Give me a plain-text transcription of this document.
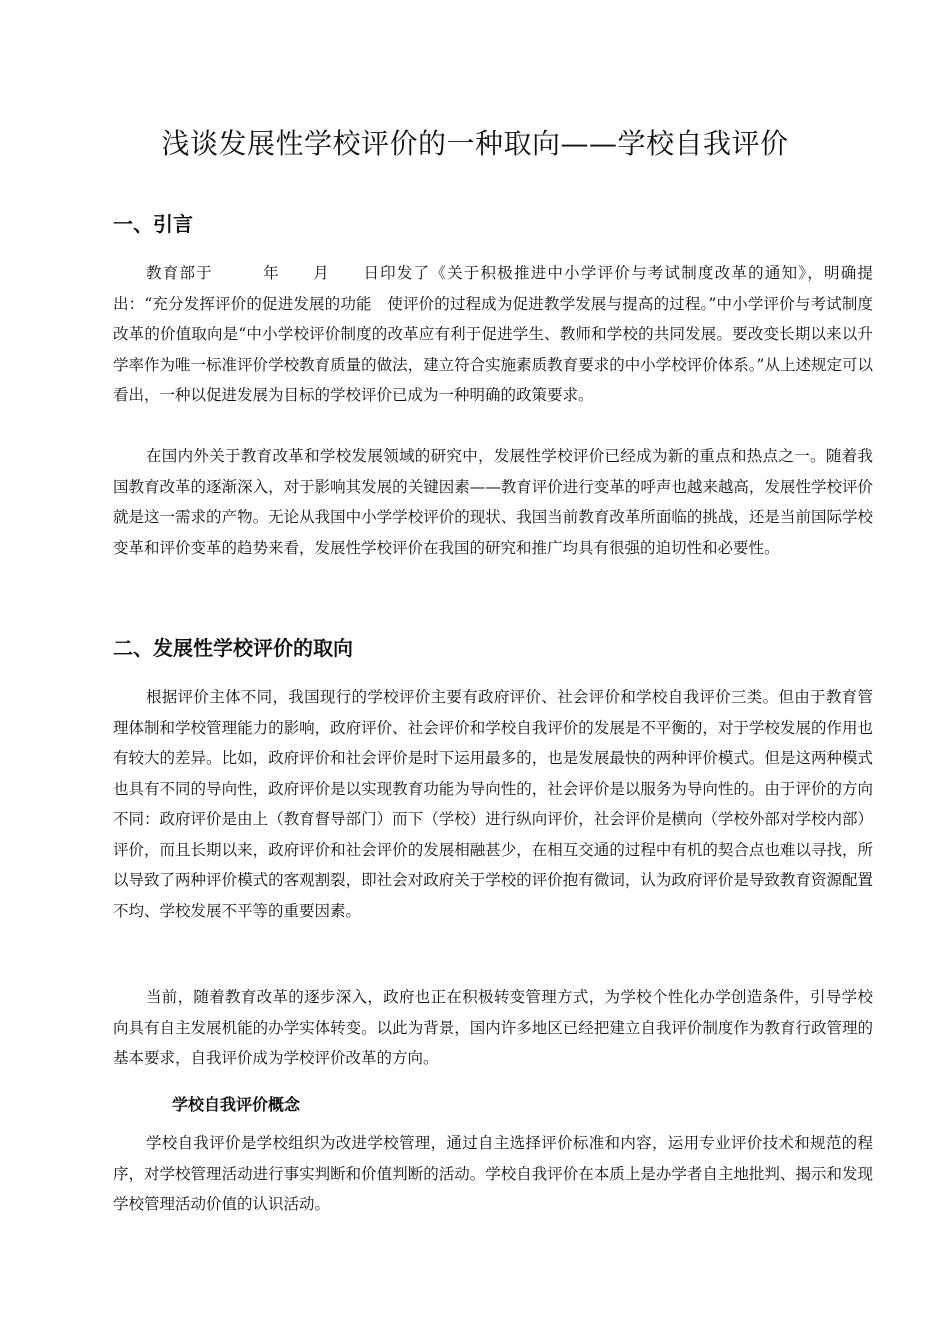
浅谈发展性学校评价的一种取向——学校自我评价
一、引言

教育部于　　　年　　月　　日印发了《关于积极推进中小学评价与考试制度改革的通知》，明确提出：“充分发挥评价的促进发展的功能　使评价的过程成为促进教学发展与提高的过程。”中小学评价与考试制度改革的价值取向是“中小学校评价制度的改革应有利于促进学生、教师和学校的共同发展。要改变长期以来以升学率作为唯一标准评价学校教育质量的做法，建立符合实施素质教育要求的中小学校评价体系。”从上述规定可以看出，一种以促进发展为目标的学校评价已成为一种明确的政策要求。

在国内外关于教育改革和学校发展领域的研究中，发展性学校评价已经成为新的重点和热点之一。随着我国教育改革的逐渐深入，对于影响其发展的关键因素——教育评价进行变革的呼声也越来越高，发展性学校评价就是这一需求的产物。无论从我国中小学学校评价的现状、我国当前教育改革所面临的挑战，还是当前国际学校变革和评价变革的趋势来看，发展性学校评价在我国的研究和推广均具有很强的迫切性和必要性。

二、发展性学校评价的取向

根据评价主体不同，我国现行的学校评价主要有政府评价、社会评价和学校自我评价三类。但由于教育管理体制和学校管理能力的影响，政府评价、社会评价和学校自我评价的发展是不平衡的，对于学校发展的作用也有较大的差异。比如，政府评价和社会评价是时下运用最多的，也是发展最快的两种评价模式。但是这两种模式也具有不同的导向性，政府评价是以实现教育功能为导向性的，社会评价是以服务为导向性的。由于评价的方向不同：政府评价是由上（教育督导部门）而下（学校）进行纵向评价，社会评价是横向（学校外部对学校内部）评价，而且长期以来，政府评价和社会评价的发展相融甚少，在相互交通的过程中有机的契合点也难以寻找，所以导致了两种评价模式的客观割裂，即社会对政府关于学校的评价抱有微词，认为政府评价是导致教育资源配置不均、学校发展不平等的重要因素。

当前，随着教育改革的逐步深入，政府也正在积极转变管理方式，为学校个性化办学创造条件，引导学校向具有自主发展机能的办学实体转变。以此为背景，国内许多地区已经把建立自我评价制度作为教育行政管理的基本要求，自我评价成为学校评价改革的方向。

学校自我评价概念

学校自我评价是学校组织为改进学校管理，通过自主选择评价标准和内容，运用专业评价技术和规范的程序，对学校管理活动进行事实判断和价值判断的活动。学校自我评价在本质上是办学者自主地批判、揭示和发现学校管理活动价值的认识活动。
